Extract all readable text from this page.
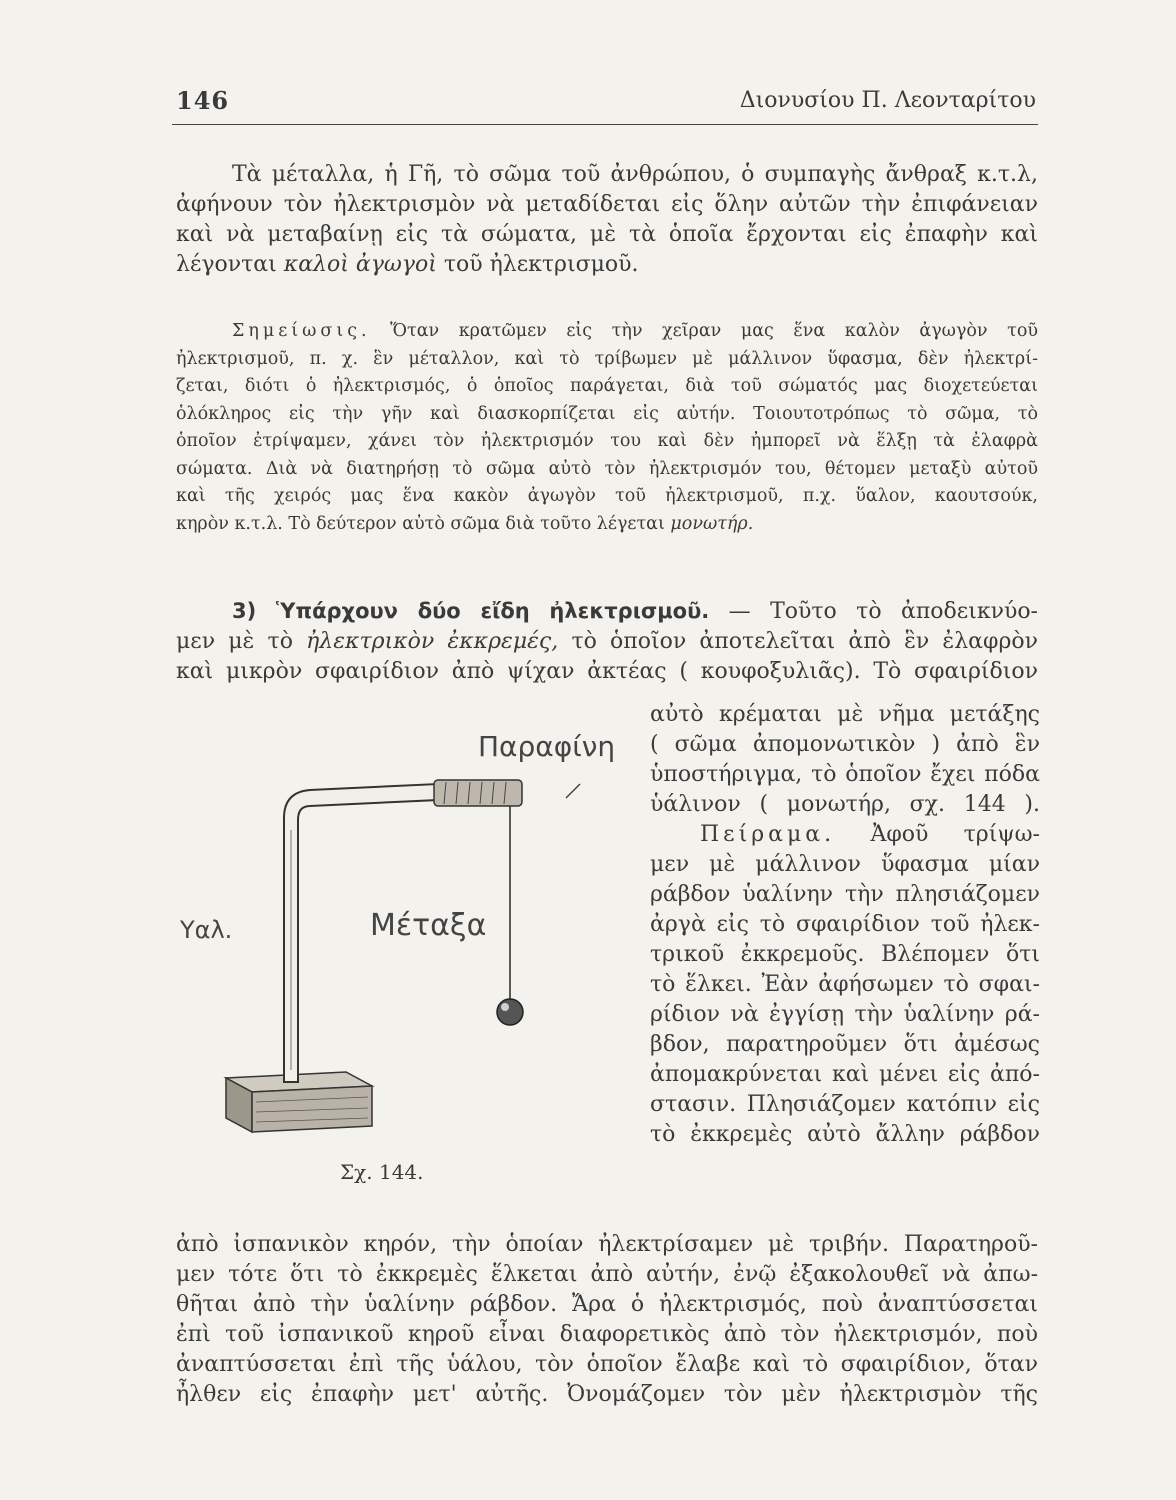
146	Διονυσίου Π. Λεονταρίτου
Τὰ μέταλλα, ἡ Γῆ, τὸ σῶμα τοῦ ἀνθρώπου, ὁ συμπαγὴς ἄνθραξ κ.τ.λ,
ἀφήνουν τὸν ἠλεκτρισμὸν νὰ μεταδίδεται εἰς ὅλην αὐτῶν τὴν ἐπιφάνειαν
καὶ νὰ μεταβαίνῃ εἰς τὰ σώματα, μὲ τὰ ὁποῖα ἔρχονται εἰς ἐπαφὴν καὶ
λέγονται καλοὶ ἀγωγοὶ τοῦ ἠλεκτρισμοῦ.
Σημείωσις. Ὅταν κρατῶμεν εἰς τὴν χεῖραν μας ἕνα καλὸν ἀγωγὸν τοῦ
ἠλεκτρισμοῦ, π. χ. ἓν μέταλλον, καὶ τὸ τρίβωμεν μὲ μάλλινον ὕφασμα, δὲν ἠλεκτρί-
ζεται, διότι ὁ ἠλεκτρισμός, ὁ ὁποῖος παράγεται, διὰ τοῦ σώματός μας διοχετεύεται
ὁλόκληρος εἰς τὴν γῆν καὶ διασκορπίζεται εἰς αὐτήν. Τοιουτοτρόπως τὸ σῶμα, τὸ
ὁποῖον ἐτρίψαμεν, χάνει τὸν ἠλεκτρισμόν του καὶ δὲν ἠμπορεῖ νὰ ἕλξῃ τὰ ἐλαφρὰ
σώματα. Διὰ νὰ διατηρήσῃ τὸ σῶμα αὐτὸ τὸν ἠλεκτρισμόν του, θέτομεν μεταξὺ αὐτοῦ
καὶ τῆς χειρός μας ἕνα κακὸν ἀγωγὸν τοῦ ἠλεκτρισμοῦ, π.χ. ὕαλον, καουτσούκ,
κηρὸν κ.τ.λ. Τὸ δεύτερον αὐτὸ σῶμα διὰ τοῦτο λέγεται μονωτήρ.
3) Ὑπάρχουν δύο εἴδη ἠλεκτρισμοῦ. — Τοῦτο τὸ ἀποδεικνύο-
μεν μὲ τὸ ἠλεκτρικὸν ἐκκρεμές, τὸ ὁποῖον ἀποτελεῖται ἀπὸ ἓν ἐλαφρὸν
καὶ μικρὸν σφαιρίδιον ἀπὸ ψίχαν ἀκτέας ( κουφοξυλιᾶς). Τὸ σφαιρίδιον
αὐτὸ κρέμαται μὲ νῆμα μετάξης
( σῶμα ἀπομονωτικὸν ) ἀπὸ ἓν
ὑποστήριγμα, τὸ ὁποῖον ἔχει πόδα
ὑάλινον ( μονωτήρ, σχ. 144 ).
Πείραμα. Ἀφοῦ τρίψω-
μεν μὲ μάλλινον ὕφασμα μίαν
ράβδον ὑαλίνην τὴν πλησιάζομεν
ἀργὰ εἰς τὸ σφαιρίδιον τοῦ ἠλεκ-
τρικοῦ ἐκκρεμοῦς. Βλέπομεν ὅτι
τὸ ἕλκει. Ἐὰν ἀφήσωμεν τὸ σφαι-
ρίδιον νὰ ἐγγίσῃ τὴν ὑαλίνην ρά-
βδον, παρατηροῦμεν ὅτι ἀμέσως
ἀπομακρύνεται καὶ μένει εἰς ἀπό-
στασιν. Πλησιάζομεν κατόπιν εἰς
τὸ ἐκκρεμὲς αὐτὸ ἄλλην ράβδον
Παραφίνη
Μέταξα
Υαλ.
Σχ. 144.
ἀπὸ ἰσπανικὸν κηρόν, τὴν ὁποίαν ἠλεκτρίσαμεν μὲ τριβήν. Παρατηροῦ-
μεν τότε ὅτι τὸ ἐκκρεμὲς ἕλκεται ἀπὸ αὐτήν, ἐνῷ ἐξακολουθεῖ νὰ ἀπω-
θῆται ἀπὸ τὴν ὑαλίνην ράβδον. Ἄρα ὁ ἠλεκτρισμός, ποὺ ἀναπτύσσεται
ἐπὶ τοῦ ἰσπανικοῦ κηροῦ εἶναι διαφορετικὸς ἀπὸ τὸν ἠλεκτρισμόν, ποὺ
ἀναπτύσσεται ἐπὶ τῆς ὑάλου, τὸν ὁποῖον ἔλαβε καὶ τὸ σφαιρίδιον, ὅταν
ἦλθεν εἰς ἐπαφὴν μετ' αὐτῆς. Ὀνομάζομεν τὸν μὲν ἠλεκτρισμὸν τῆς
